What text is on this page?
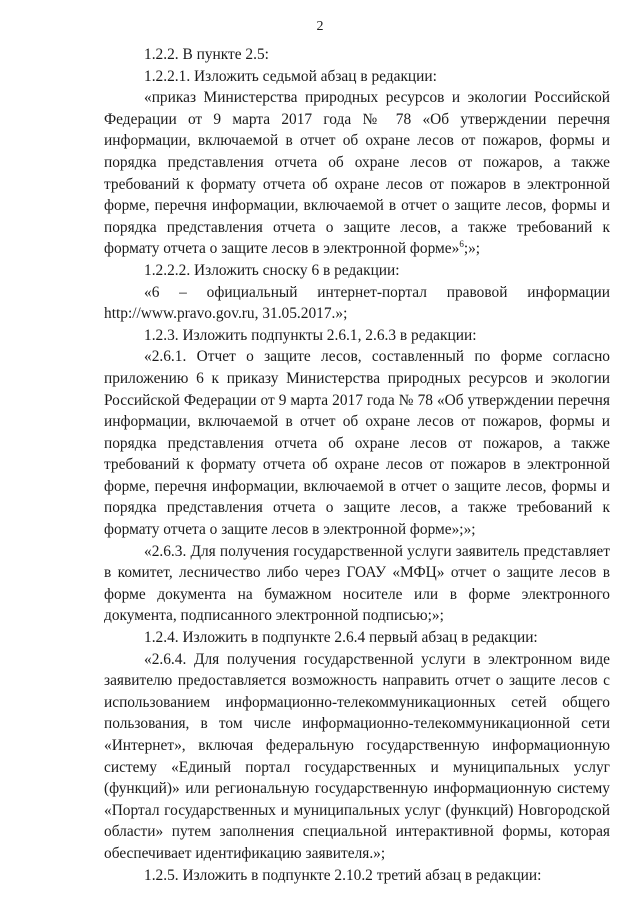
2

1.2.2. В пункте 2.5:

1.2.2.1. Изложить седьмой абзац в редакции:

«приказ Министерства природных ресурсов и экологии Российской Федерации от 9 марта 2017 года № 78 «Об утверждении перечня информации, включаемой в отчет об охране лесов от пожаров, формы и порядка представления отчета об охране лесов от пожаров, а также требований к формату отчета об охране лесов от пожаров в электронной форме, перечня информации, включаемой в отчет о защите лесов, формы и порядка представления отчета о защите лесов, а также требований к формату отчета о защите лесов в электронной форме»$^6$;»;

1.2.2.2. Изложить сноску 6 в редакции:

«6 – официальный интернет-портал правовой информации http://www.pravo.gov.ru, 31.05.2017.»;

1.2.3. Изложить подпункты 2.6.1, 2.6.3 в редакции:

«2.6.1. Отчет о защите лесов, составленный по форме согласно приложению 6 к приказу Министерства природных ресурсов и экологии Российской Федерации от 9 марта 2017 года № 78 «Об утверждении перечня информации, включаемой в отчет об охране лесов от пожаров, формы и порядка представления отчета об охране лесов от пожаров, а также требований к формату отчета об охране лесов от пожаров в электронной форме, перечня информации, включаемой в отчет о защите лесов, формы и порядка представления отчета о защите лесов, а также требований к формату отчета о защите лесов в электронной форме»;»;

«2.6.3. Для получения государственной услуги заявитель представляет в комитет, лесничество либо через ГОАУ «МФЦ» отчет о защите лесов в форме документа на бумажном носителе или в форме электронного документа, подписанного электронной подписью;»;

1.2.4. Изложить в подпункте 2.6.4 первый абзац в редакции:

«2.6.4. Для получения государственной услуги в электронном виде заявителю предоставляется возможность направить отчет о защите лесов с использованием информационно-телекоммуникационных сетей общего пользования, в том числе информационно-телекоммуникационной сети «Интернет», включая федеральную государственную информационную систему «Единый портал государственных и муниципальных услуг (функций)» или региональную государственную информационную систему «Портал государственных и муниципальных услуг (функций) Новгородской области» путем заполнения специальной интерактивной формы, которая обеспечивает идентификацию заявителя.»;

1.2.5. Изложить в подпункте 2.10.2 третий абзац в редакции:
